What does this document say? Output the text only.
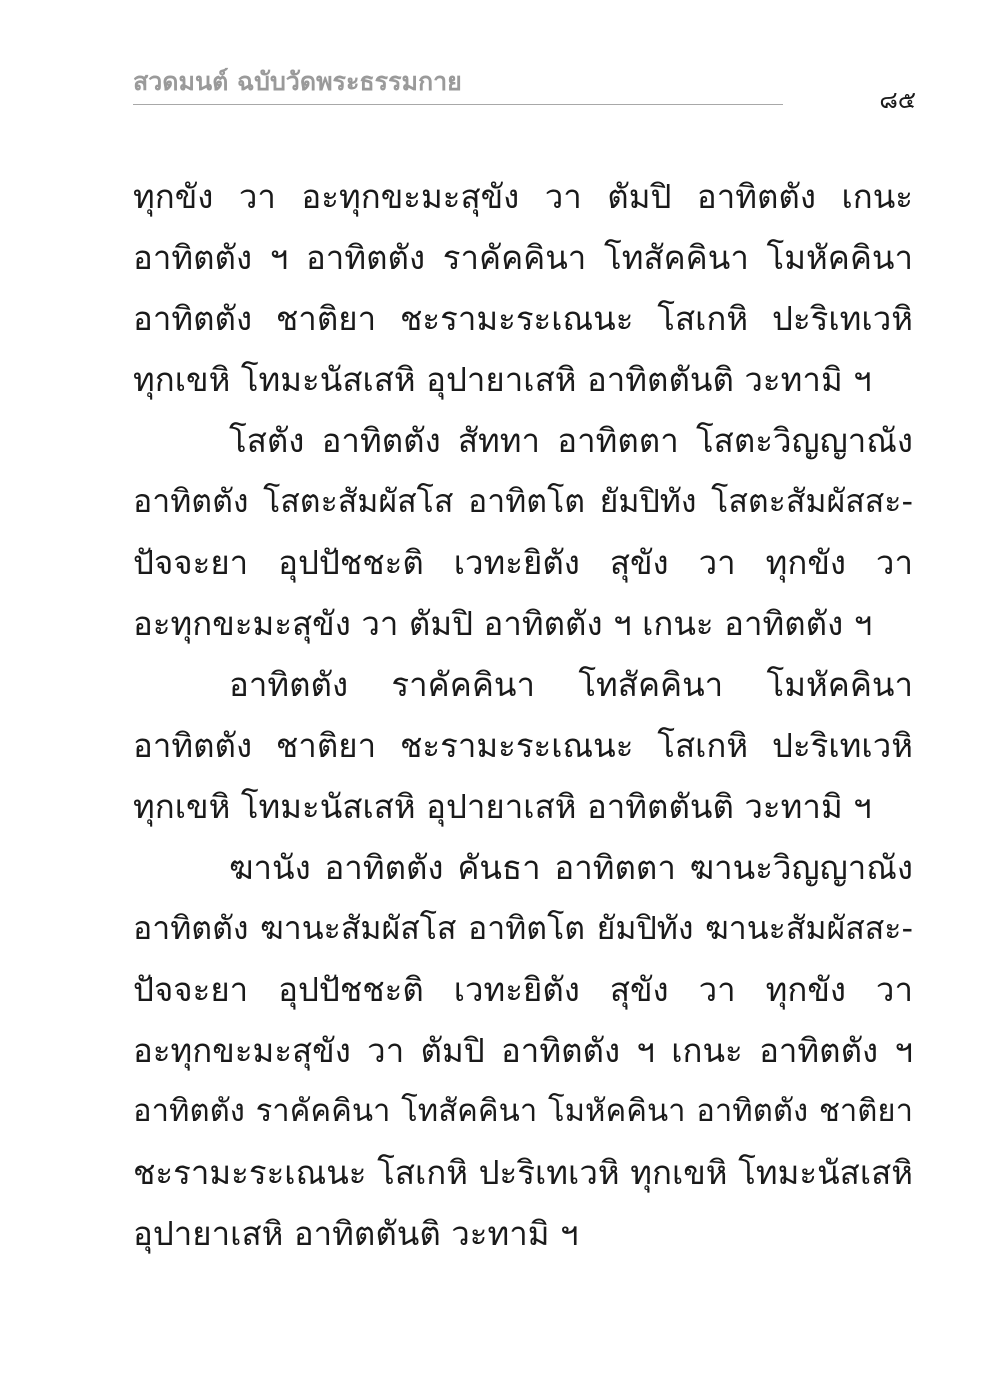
สวดมนต์ ฉบับวัดพระธรรมกาย
๘๕
ทุกขัง วา อะทุกขะมะสุขัง วา ตัมปิ อาทิตตัง เกนะ
อาทิตตัง ฯ อาทิตตัง ราคัคคินา โทสัคคินา โมหัคคินา
อาทิตตัง ชาติยา ชะรามะระเณนะ โสเกหิ ปะริเทเวหิ
ทุกเขหิ โทมะนัสเสหิ อุปายาเสหิ อาทิตตันติ วะทามิ ฯ
โสตัง อาทิตตัง สัททา อาทิตตา โสตะวิญญาณัง
อาทิตตัง โสตะสัมผัสโส อาทิตโต ยัมปิทัง โสตะสัมผัสสะ-
ปัจจะยา อุปปัชชะติ เวทะยิตัง สุขัง วา ทุกขัง วา
อะทุกขะมะสุขัง วา ตัมปิ อาทิตตัง ฯ เกนะ อาทิตตัง ฯ
อาทิตตัง ราคัคคินา โทสัคคินา โมหัคคินา
อาทิตตัง ชาติยา ชะรามะระเณนะ โสเกหิ ปะริเทเวหิ
ทุกเขหิ โทมะนัสเสหิ อุปายาเสหิ อาทิตตันติ วะทามิ ฯ
ฆานัง อาทิตตัง คันธา อาทิตตา ฆานะวิญญาณัง
อาทิตตัง ฆานะสัมผัสโส อาทิตโต ยัมปิทัง ฆานะสัมผัสสะ-
ปัจจะยา อุปปัชชะติ เวทะยิตัง สุขัง วา ทุกขัง วา
อะทุกขะมะสุขัง วา ตัมปิ อาทิตตัง ฯ เกนะ อาทิตตัง ฯ
อาทิตตัง ราคัคคินา โทสัคคินา โมหัคคินา อาทิตตัง ชาติยา
ชะรามะระเณนะ โสเกหิ ปะริเทเวหิ ทุกเขหิ โทมะนัสเสหิ
อุปายาเสหิ อาทิตตันติ วะทามิ ฯ
